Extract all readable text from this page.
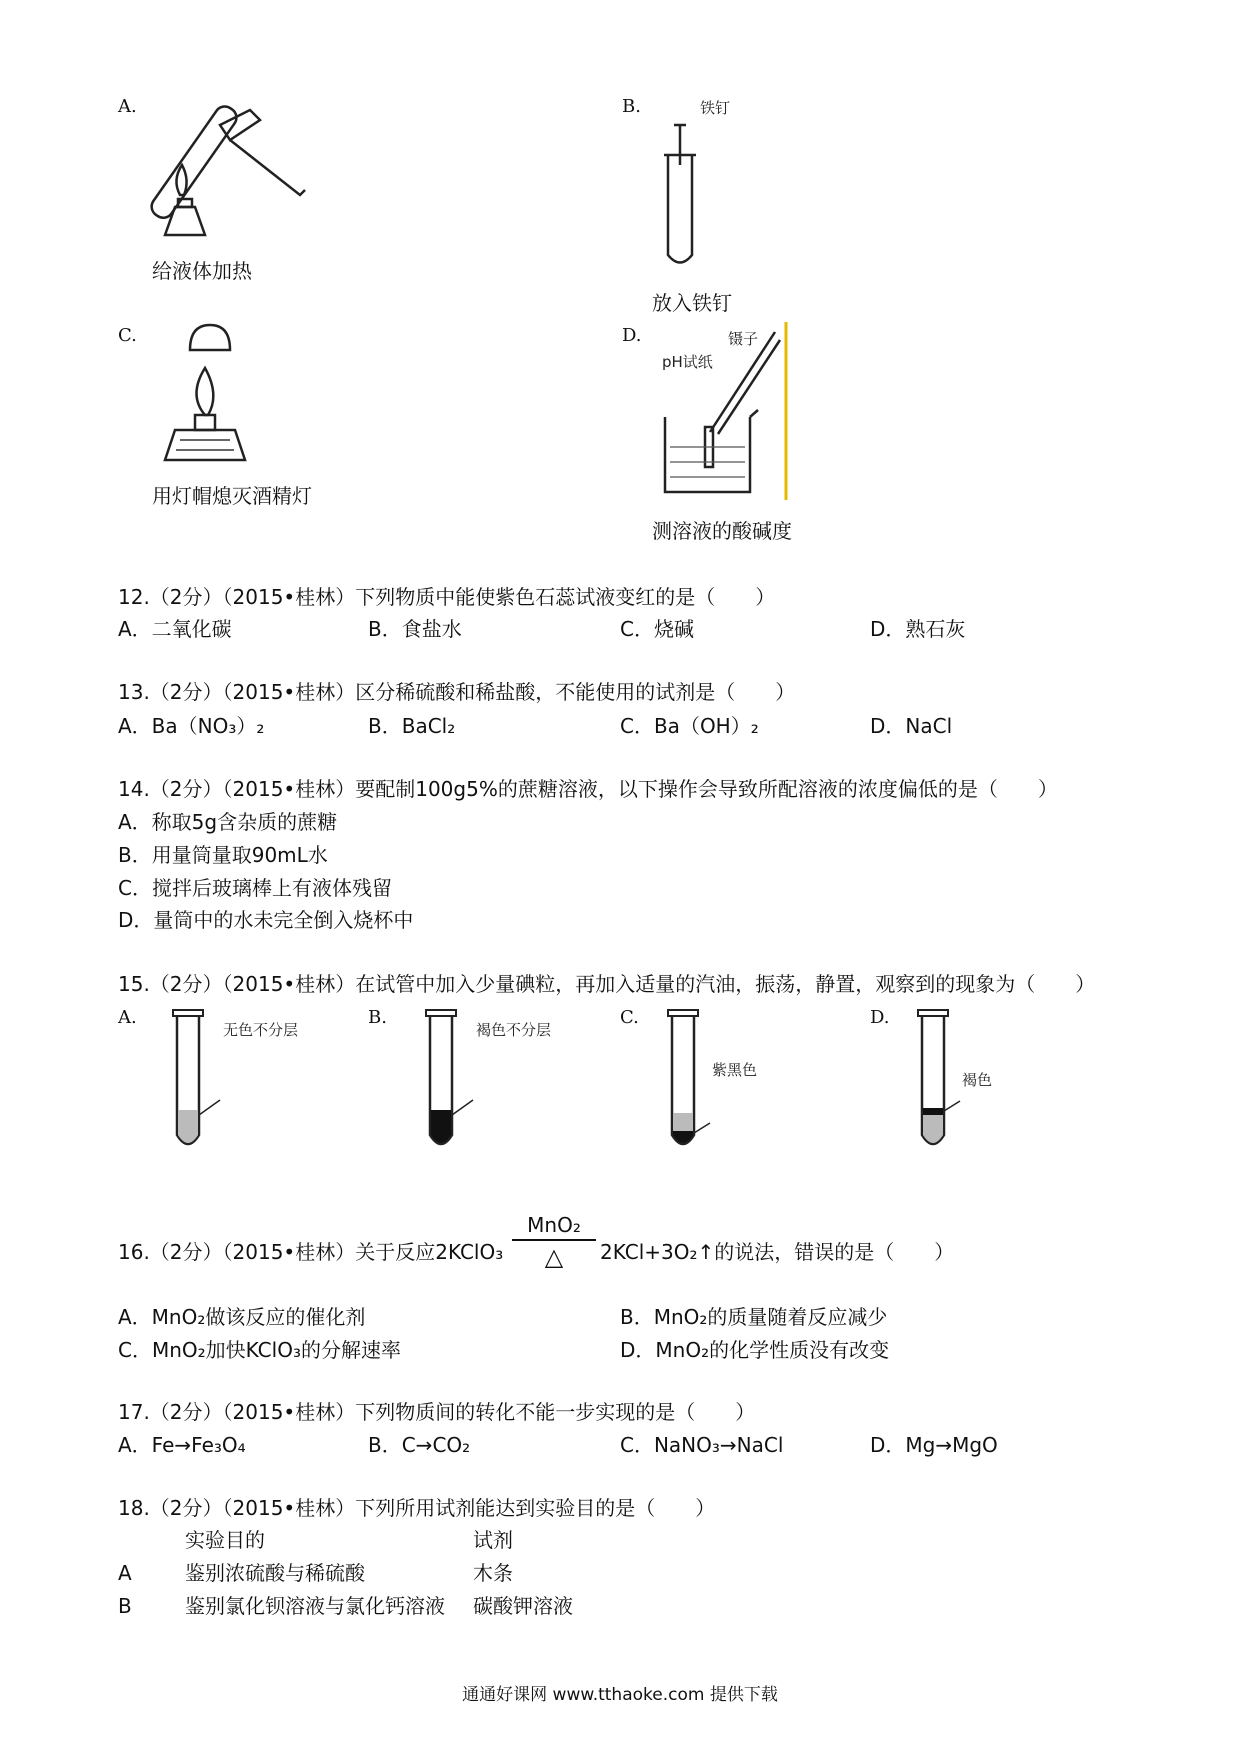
A.
给液体加热
B.	铁钉
放入铁钉
C.
用灯帽熄灭酒精灯
D.
pH试纸
镊子
测溶液的酸碱度
12.（2分）（2015•桂林）下列物质中能使紫色石蕊试液变红的是（　　）
A．二氧化碳	B．食盐水	C．烧碱	D．熟石灰
13.（2分）（2015•桂林）区分稀硫酸和稀盐酸，不能使用的试剂是（　　）
A．Ba（NO₃）₂	B．BaCl₂	C．Ba（OH）₂	D．NaCl
14.（2分）（2015•桂林）要配制100g5%的蔗糖溶液，以下操作会导致所配溶液的浓度偏低的是（　　）
A．称取5g含杂质的蔗糖
B．用量筒量取90mL水
C．搅拌后玻璃棒上有液体残留
D．量筒中的水未完全倒入烧杯中
15.（2分）（2015•桂林）在试管中加入少量碘粒，再加入适量的汽油，振荡，静置，观察到的现象为（　　）
A.
无色不分层
B.
褐色不分层
C.
紫黑色
D.
褐色
16.（2分）（2015•桂林）关于反应2KClO₃
MnO₂
△	2KCl+3O₂↑的说法，错误的是（　　）
A．MnO₂做该反应的催化剂	B．MnO₂的质量随着反应减少
C．MnO₂加快KClO₃的分解速率	D．MnO₂的化学性质没有改变
17.（2分）（2015•桂林）下列物质间的转化不能一步实现的是（　　）
A．Fe→Fe₃O₄	B．C→CO₂	C．NaNO₃→NaCl	D．Mg→MgO
18.（2分）（2015•桂林）下列所用试剂能达到实验目的是（　　）
实验目的	试剂
A	鉴别浓硫酸与稀硫酸	木条
B	鉴别氯化钡溶液与氯化钙溶液 碳酸钾溶液
通通好课网 www.tthaoke.com 提供下载
